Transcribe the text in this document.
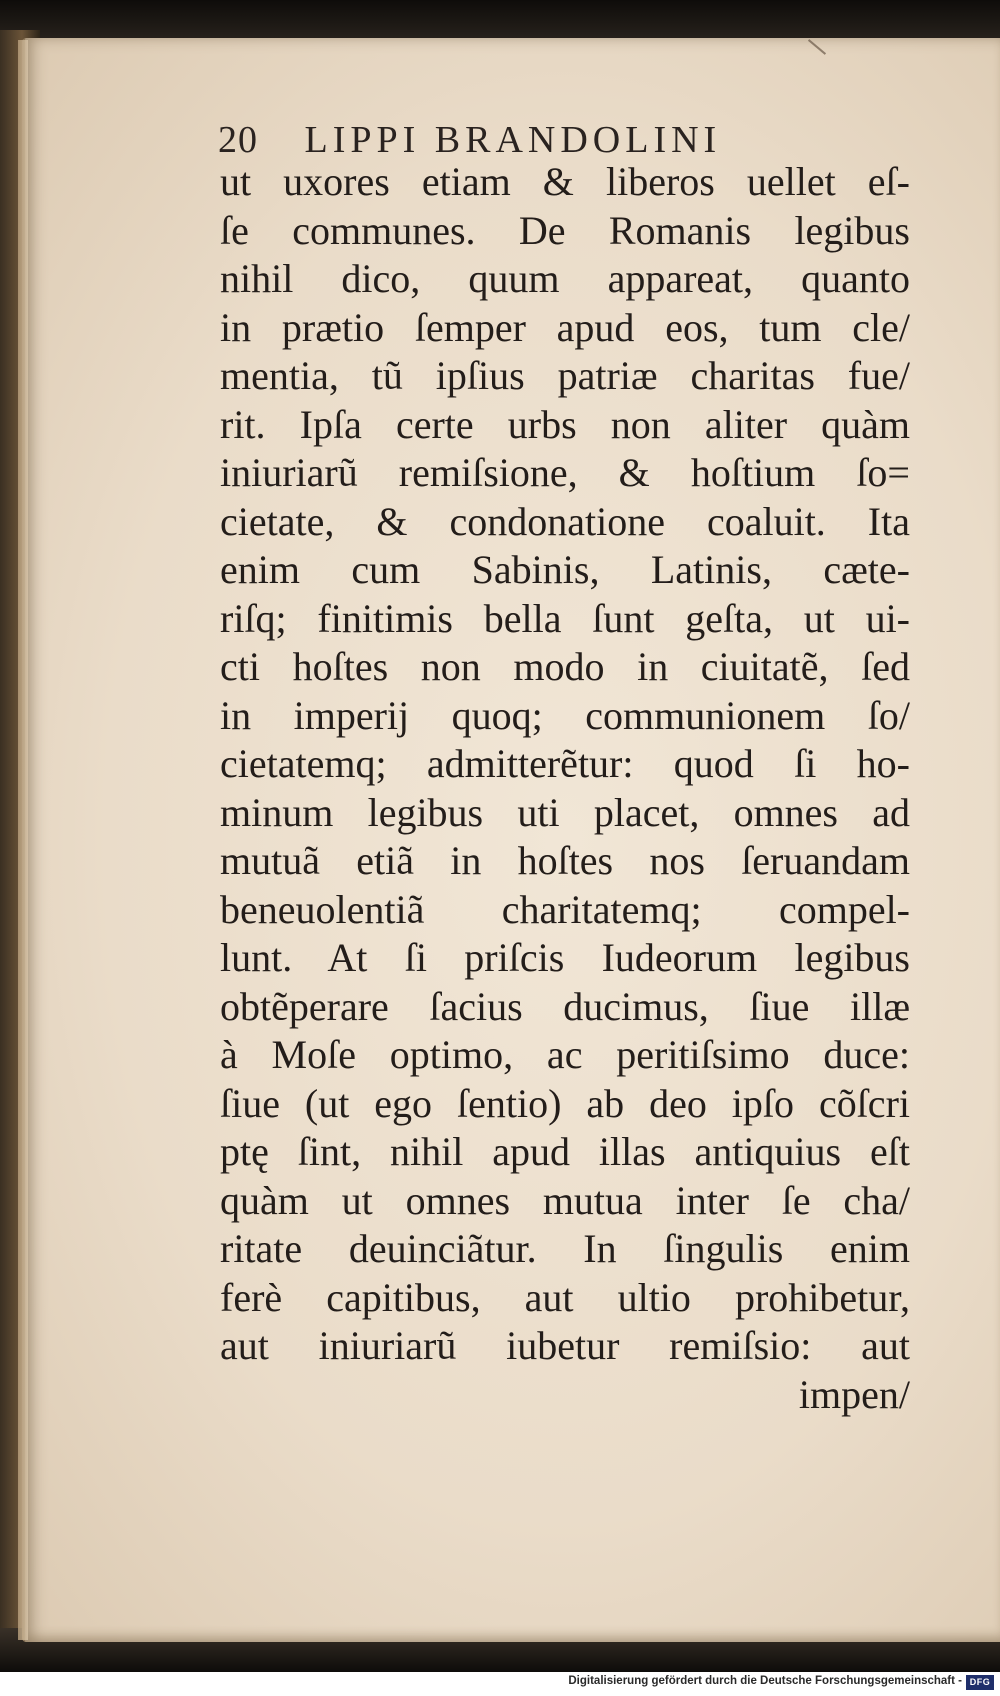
20 LIPPI BRANDOLINI
ut uxores etiam & liberos uellet eſ-
ſe communes. De Romanis legibus
nihil dico, quum appareat, quanto
in prætio ſemper apud eos, tum cle/
mentia, tũ ipſius patriæ charitas fue/
rit. Ipſa certe urbs non aliter quàm
iniuriarũ remiſsione, & hoſtium ſo=
cietate, & condonatione coaluit. Ita
enim cum Sabinis, Latinis, cæte-
riſq; finitimis bella ſunt geſta, ut ui-
cti hoſtes non modo in ciuitatẽ, ſed
in imperij quoq; communionem ſo/
cietatemq; admitterẽtur: quod ſi ho-
minum legibus uti placet, omnes ad
mutuã etiã in hoſtes nos ſeruandam
beneuolentiã charitatemq; compel-
lunt. At ſi priſcis Iudeorum legibus
obtẽperare ſacius ducimus, ſiue illæ
à Moſe optimo, ac peritiſsimo duce:
ſiue (ut ego ſentio) ab deo ipſo cõſcri
ptę ſint, nihil apud illas antiquius eſt
quàm ut omnes mutua inter ſe cha/
ritate deuinciãtur. In ſingulis enim
ferè capitibus, aut ultio prohibetur,
aut iniuriarũ iubetur remiſsio: aut
impen/
Digitalisierung gefördert durch die Deutsche Forschungsgemeinschaft - DFG
